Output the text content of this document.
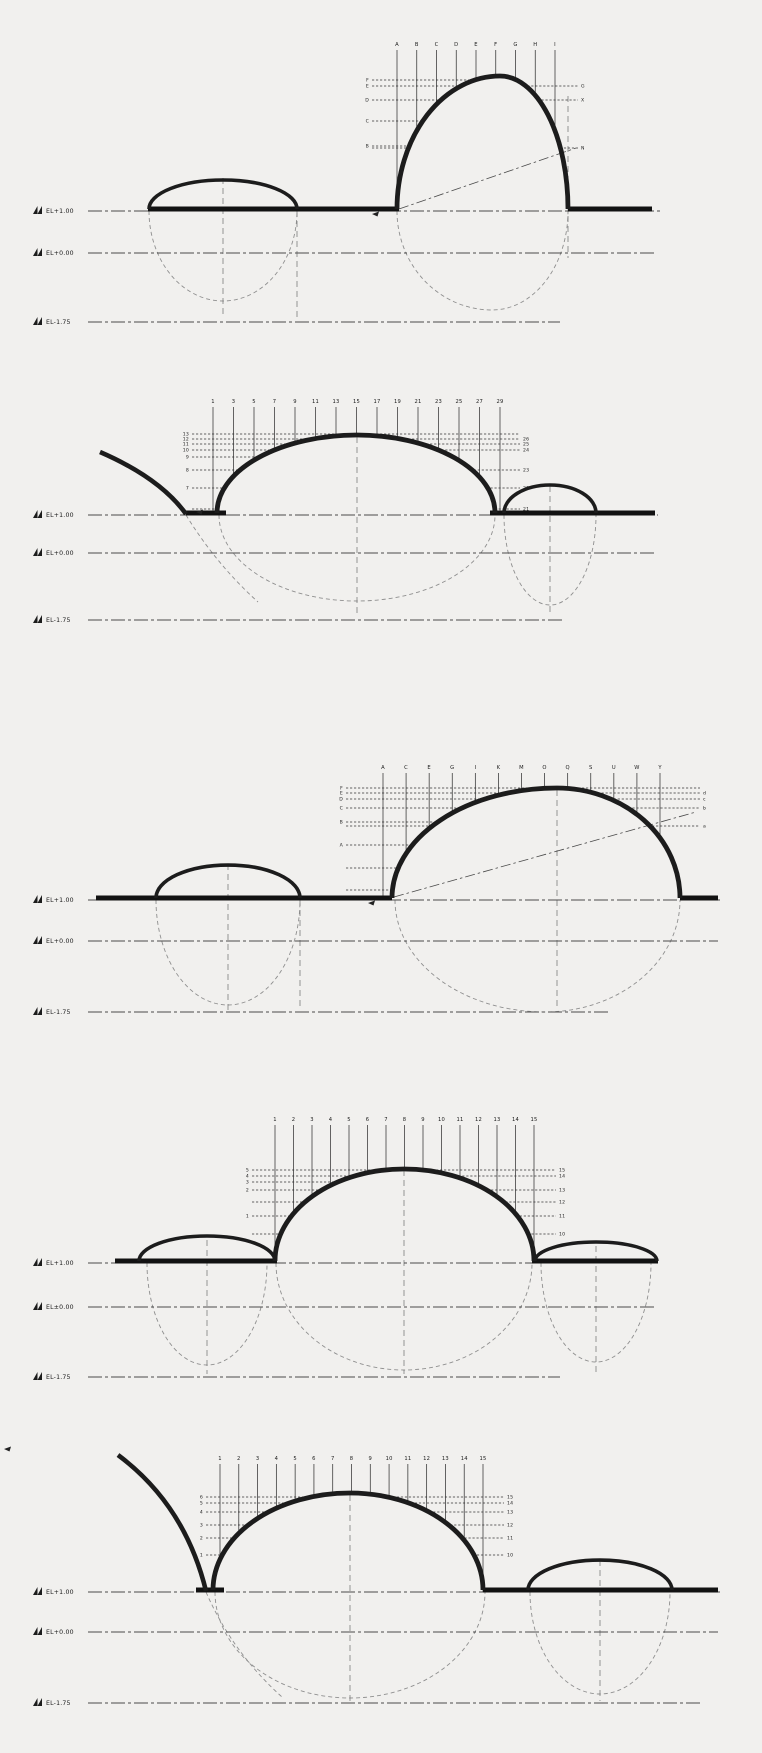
EL+1.00
EL+0.00
EL-1.75
F
E	G
D	X
C
B	N
A	B	C	D	E	F	G	H	I
EL+1.00
EL+0.00
EL-1.75
13
12	26
11	25
10	24
9
8	23
7	22
21
1	3	5	7	9	11	13	15	17	19	21	23	25	27	29
EL+1.00
EL+0.00
EL-1.75
F
E	d
D	c
C	b
B
a
A
A	C	E	G	I	K	M	O	Q	S	U	W	Y
EL+1.00
EL±0.00
EL-1.75
5	15
4	14
3
2	13
12
1	11
10
1	2	3	4	5	6	7	8	9	10 11 12 13 14 15
EL+1.00
EL+0.00
EL-1.75
6	15
5	14
4	13
3	12
2	11
1	10
1	2	3	4	5	6	7	8	9	10 11 12 13 14 15
